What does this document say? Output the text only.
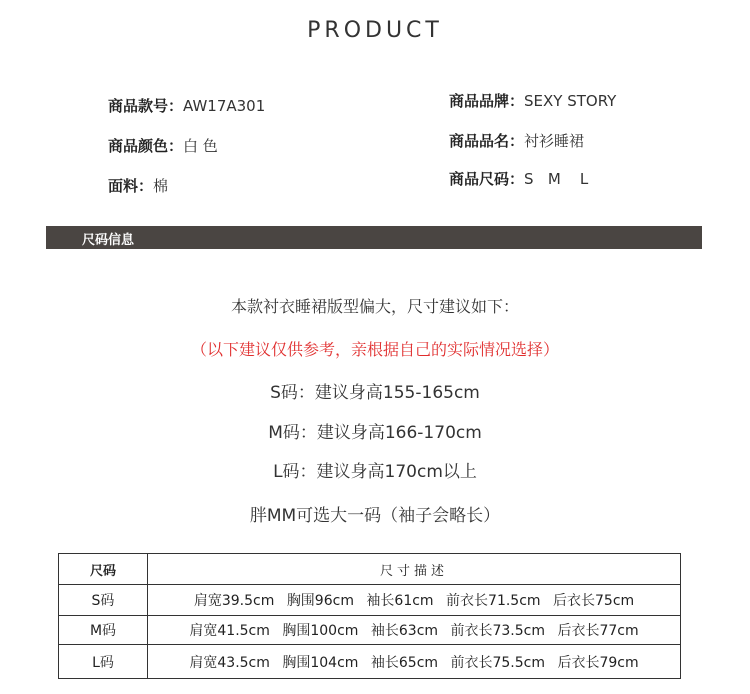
PRODUCT
商品款号：AW17A301
商品颜色：白 色
面料：棉
商品品牌：SEXY STORY
商品品名：衬衫睡裙
商品尺码：S   M    L
尺码信息
本款衬衣睡裙版型偏大，尺寸建议如下：
（以下建议仅供参考，亲根据自己的实际情况选择）
S码：建议身高155-165cm
M码：建议身高166-170cm
L码：建议身高170cm以上
胖MM可选大一码（袖子会略长）
尺码	尺寸描述
S码	肩宽39.5cm 胸围96cm 袖长61cm 前衣长71.5cm 后衣长75cm
M码	肩宽41.5cm 胸围100cm 袖长63cm 前衣长73.5cm 后衣长77cm
L码	肩宽43.5cm 胸围104cm 袖长65cm 前衣长75.5cm 后衣长79cm
